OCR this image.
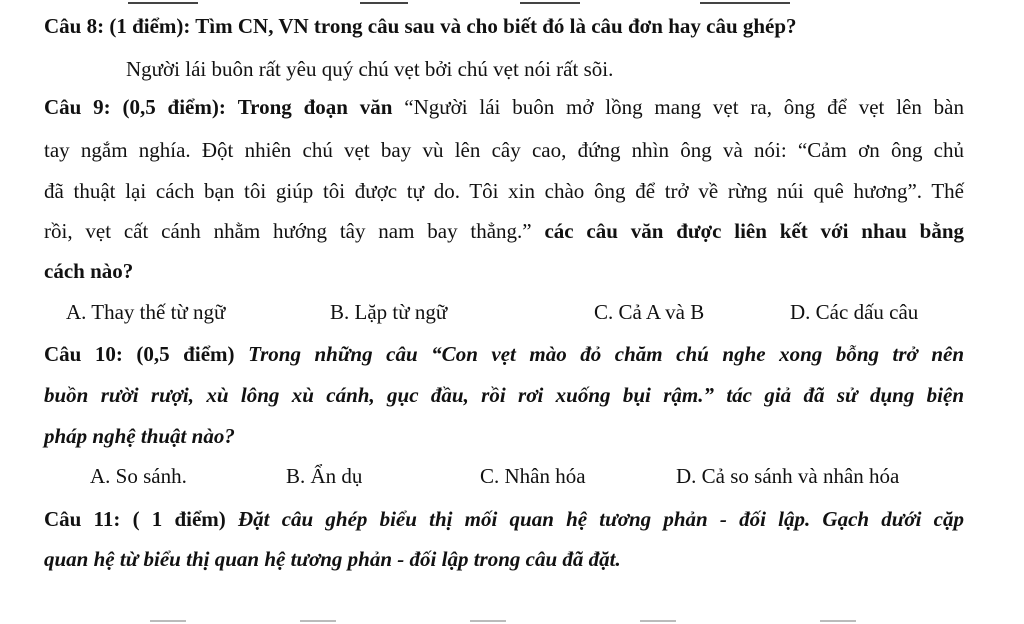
Câu 8: (1 điểm): Tìm CN, VN trong câu sau và cho biết đó là câu đơn hay câu ghép?
Người lái buôn rất yêu quý chú vẹt bởi chú vẹt nói rất sõi.
Câu 9: (0,5 điểm): Trong đoạn văn “Người lái buôn mở lồng mang vẹt ra, ông để vẹt lên bàn
tay ngắm nghía. Đột nhiên chú vẹt bay vù lên cây cao, đứng nhìn ông và nói: “Cảm ơn ông chủ
đã thuật lại cách bạn tôi giúp tôi được tự do. Tôi xin chào ông để trở về rừng núi quê hương”. Thế
rồi, vẹt cất cánh nhằm hướng tây nam bay thẳng.” các câu văn được liên kết với nhau bằng
cách nào?
A. Thay thế từ ngữ	B. Lặp từ ngữ	C. Cả A và B	D. Các dấu câu
Câu 10: (0,5 điểm) Trong những câu “Con vẹt mào đỏ chăm chú nghe xong bỗng trở nên
buồn rười rượi, xù lông xù cánh, gục đầu, rồi rơi xuống bụi rậm.” tác giả đã sử dụng biện
pháp nghệ thuật nào?
A. So sánh.	B. Ẩn dụ	C. Nhân hóa	D. Cả so sánh và nhân hóa
Câu 11: ( 1 điểm) Đặt câu ghép biểu thị mối quan hệ tương phản - đối lập. Gạch dưới cặp
quan hệ từ biểu thị quan hệ tương phản - đối lập trong câu đã đặt.
